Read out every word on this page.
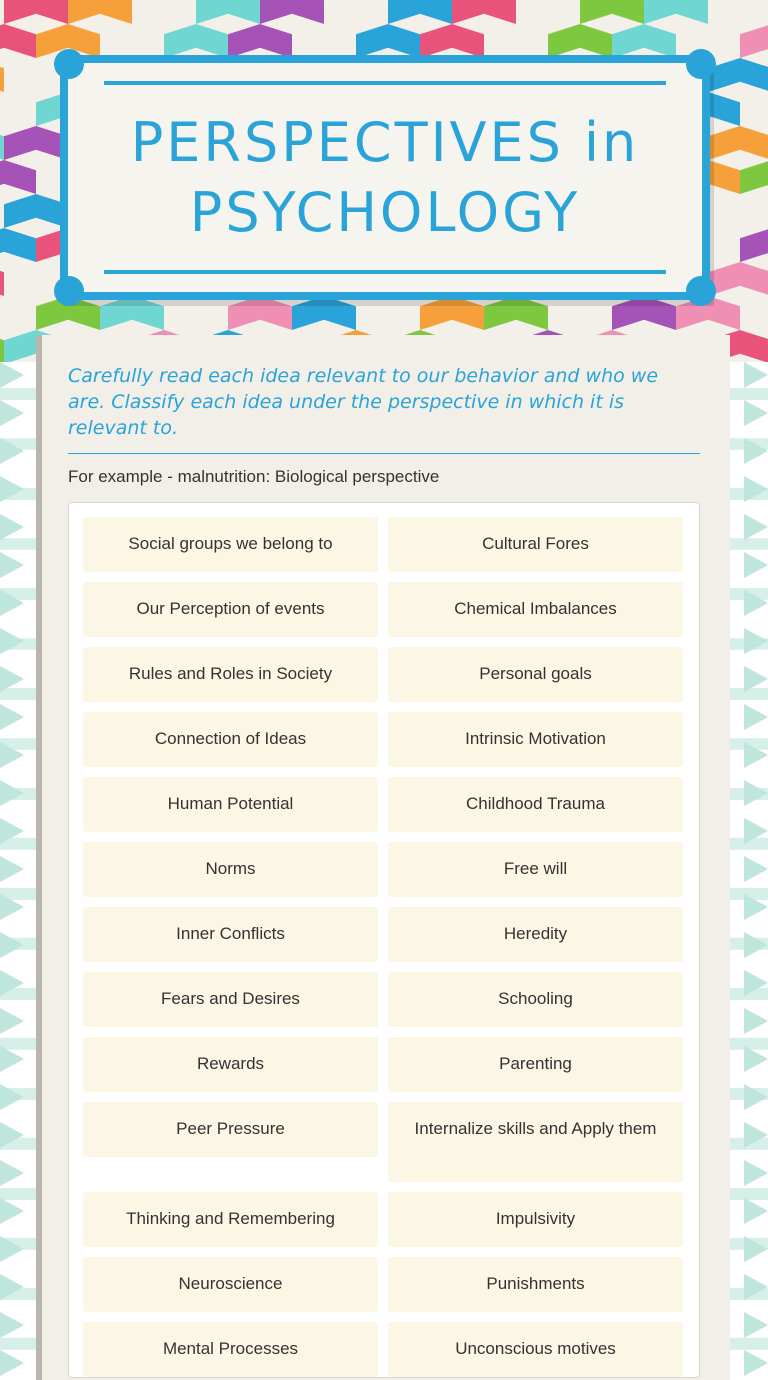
PERSPECTIVES in PSYCHOLOGY

Carefully read each idea relevant to our behavior and who we are. Classify each idea under the perspective in which it is relevant to.

For example - malnutrition: Biological perspective

Social groups we belong to	Cultural Fores
Our Perception of events	Chemical Imbalances
Rules and Roles in Society	Personal goals
Connection of Ideas	Intrinsic Motivation
Human Potential	Childhood Trauma
Norms	Free will
Inner Conflicts	Heredity
Fears and Desires	Schooling
Rewards	Parenting
Peer Pressure	Internalize skills and Apply them
Thinking and Remembering	Impulsivity
Neuroscience	Punishments
Mental Processes	Unconscious motives
